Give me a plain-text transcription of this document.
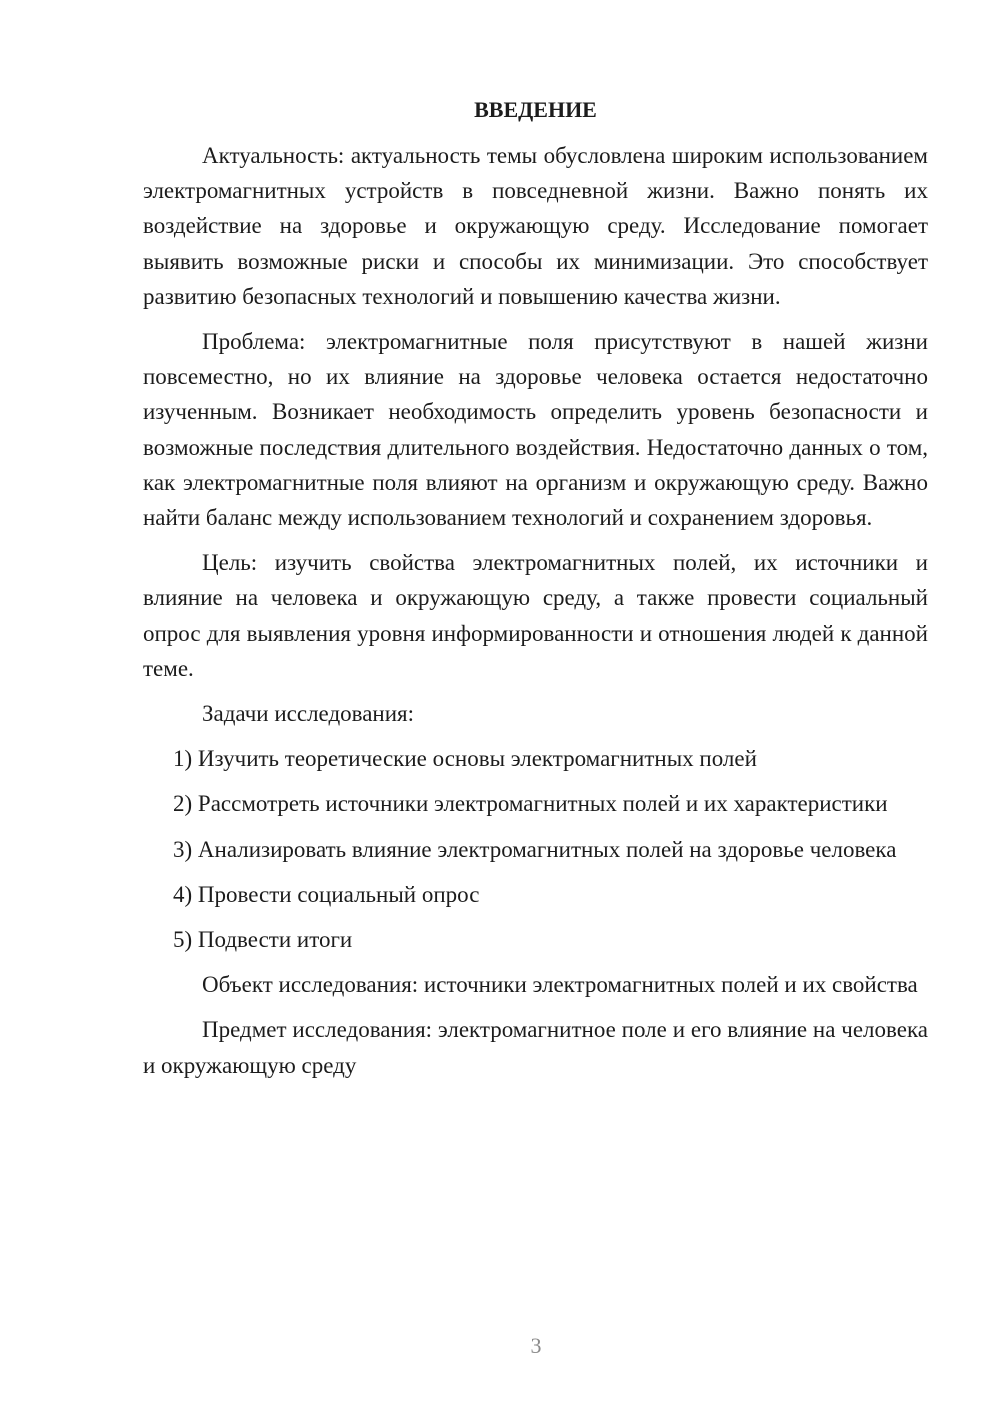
ВВЕДЕНИЕ

Актуальность: актуальность темы обусловлена широким использованием электромагнитных устройств в повседневной жизни. Важно понять их воздействие на здоровье и окружающую среду. Исследование помогает выявить возможные риски и способы их минимизации. Это способствует развитию безопасных технологий и повышению качества жизни.

Проблема: электромагнитные поля присутствуют в нашей жизни повсеместно, но их влияние на здоровье человека остается недостаточно изученным. Возникает необходимость определить уровень безопасности и возможные последствия длительного воздействия. Недостаточно данных о том, как электромагнитные поля влияют на организм и окружающую среду. Важно найти баланс между использованием технологий и сохранением здоровья.

Цель: изучить свойства электромагнитных полей, их источники и влияние на человека и окружающую среду, а также провести социальный опрос для выявления уровня информированности и отношения людей к данной теме.

Задачи исследования:

1) Изучить теоретические основы электромагнитных полей

2) Рассмотреть источники электромагнитных полей и их характеристики

3) Анализировать влияние электромагнитных полей на здоровье человека

4) Провести социальный опрос

5) Подвести итоги

Объект исследования: источники электромагнитных полей и их свойства

Предмет исследования: электромагнитное поле и его влияние на человека и окружающую среду

3
